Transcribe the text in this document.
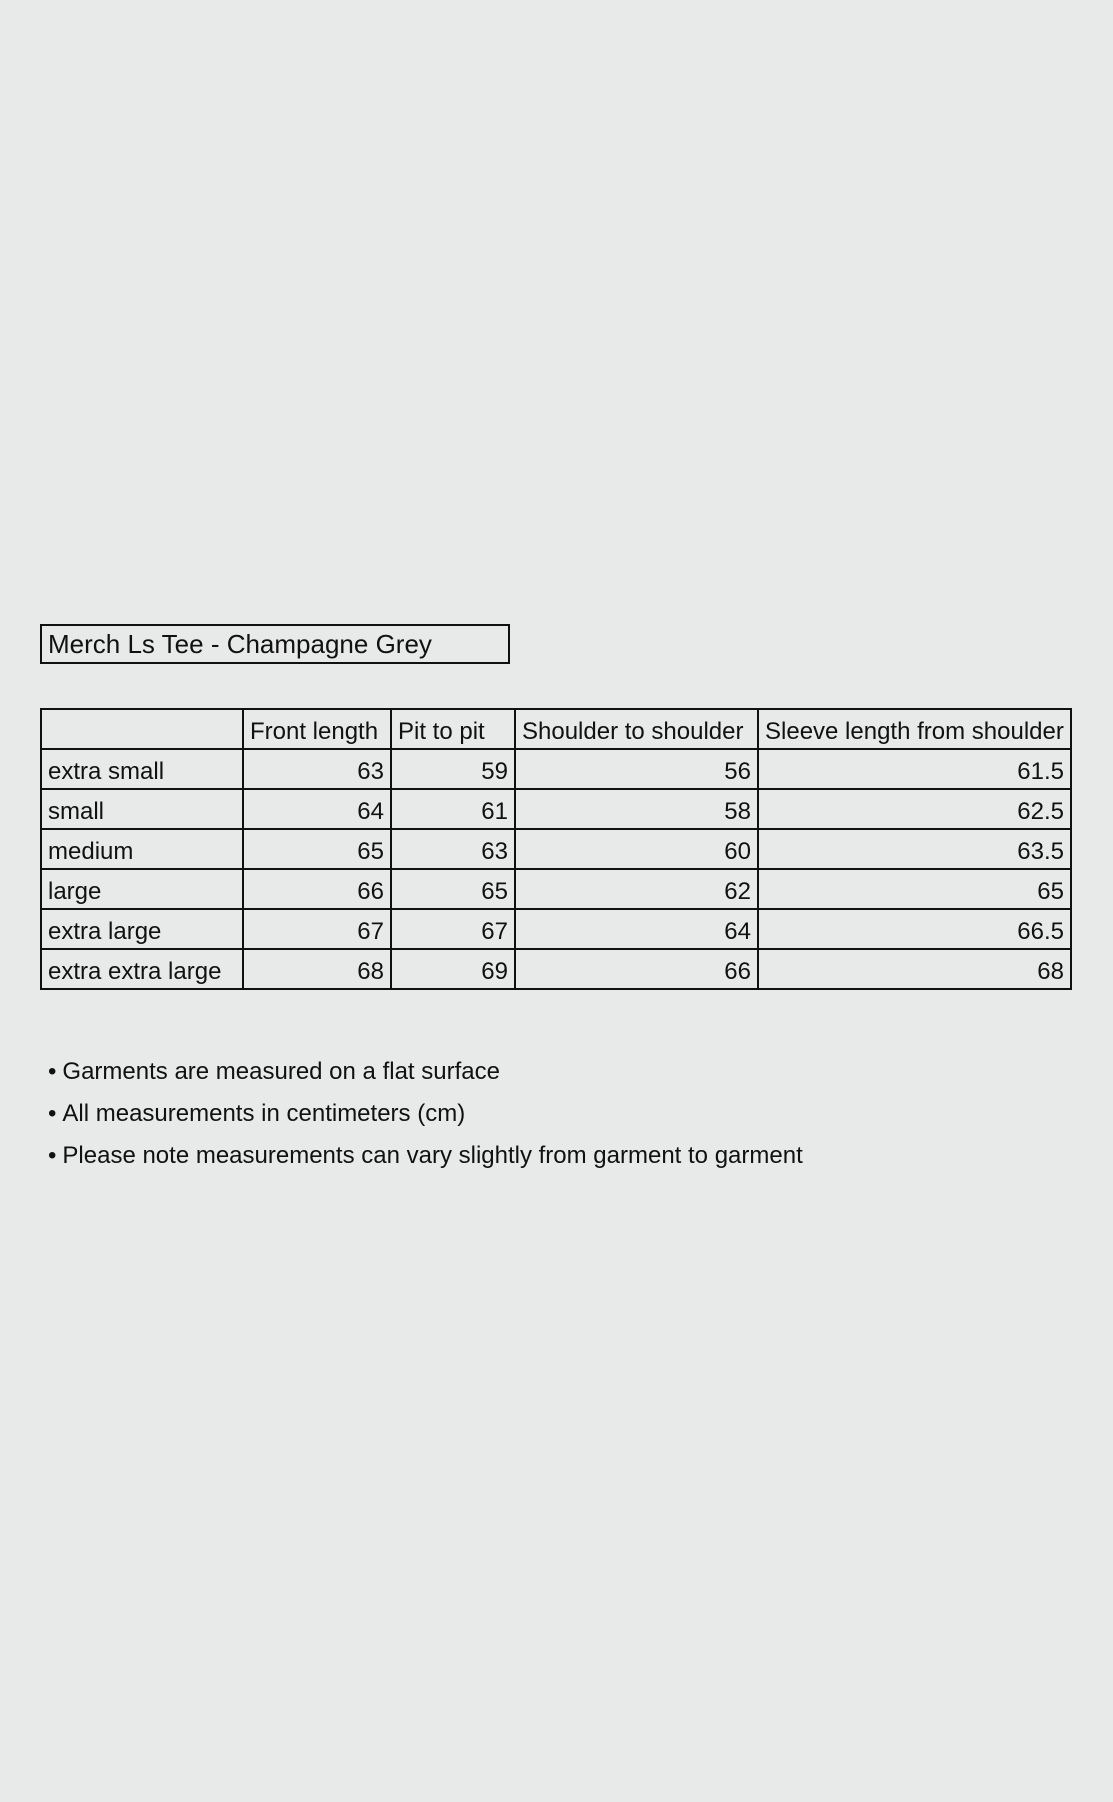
Merch Ls Tee - Champagne Grey
	Front length	Pit to pit	Shoulder to shoulder	Sleeve length from shoulder
extra small	63	59	56	61.5
small	64	61	58	62.5
medium	65	63	60	63.5
large	66	65	62	65
extra large	67	67	64	66.5
extra extra large	68	69	66	68
• Garments are measured on a flat surface
• All measurements in centimeters (cm)
• Please note measurements can vary slightly from garment to garment
